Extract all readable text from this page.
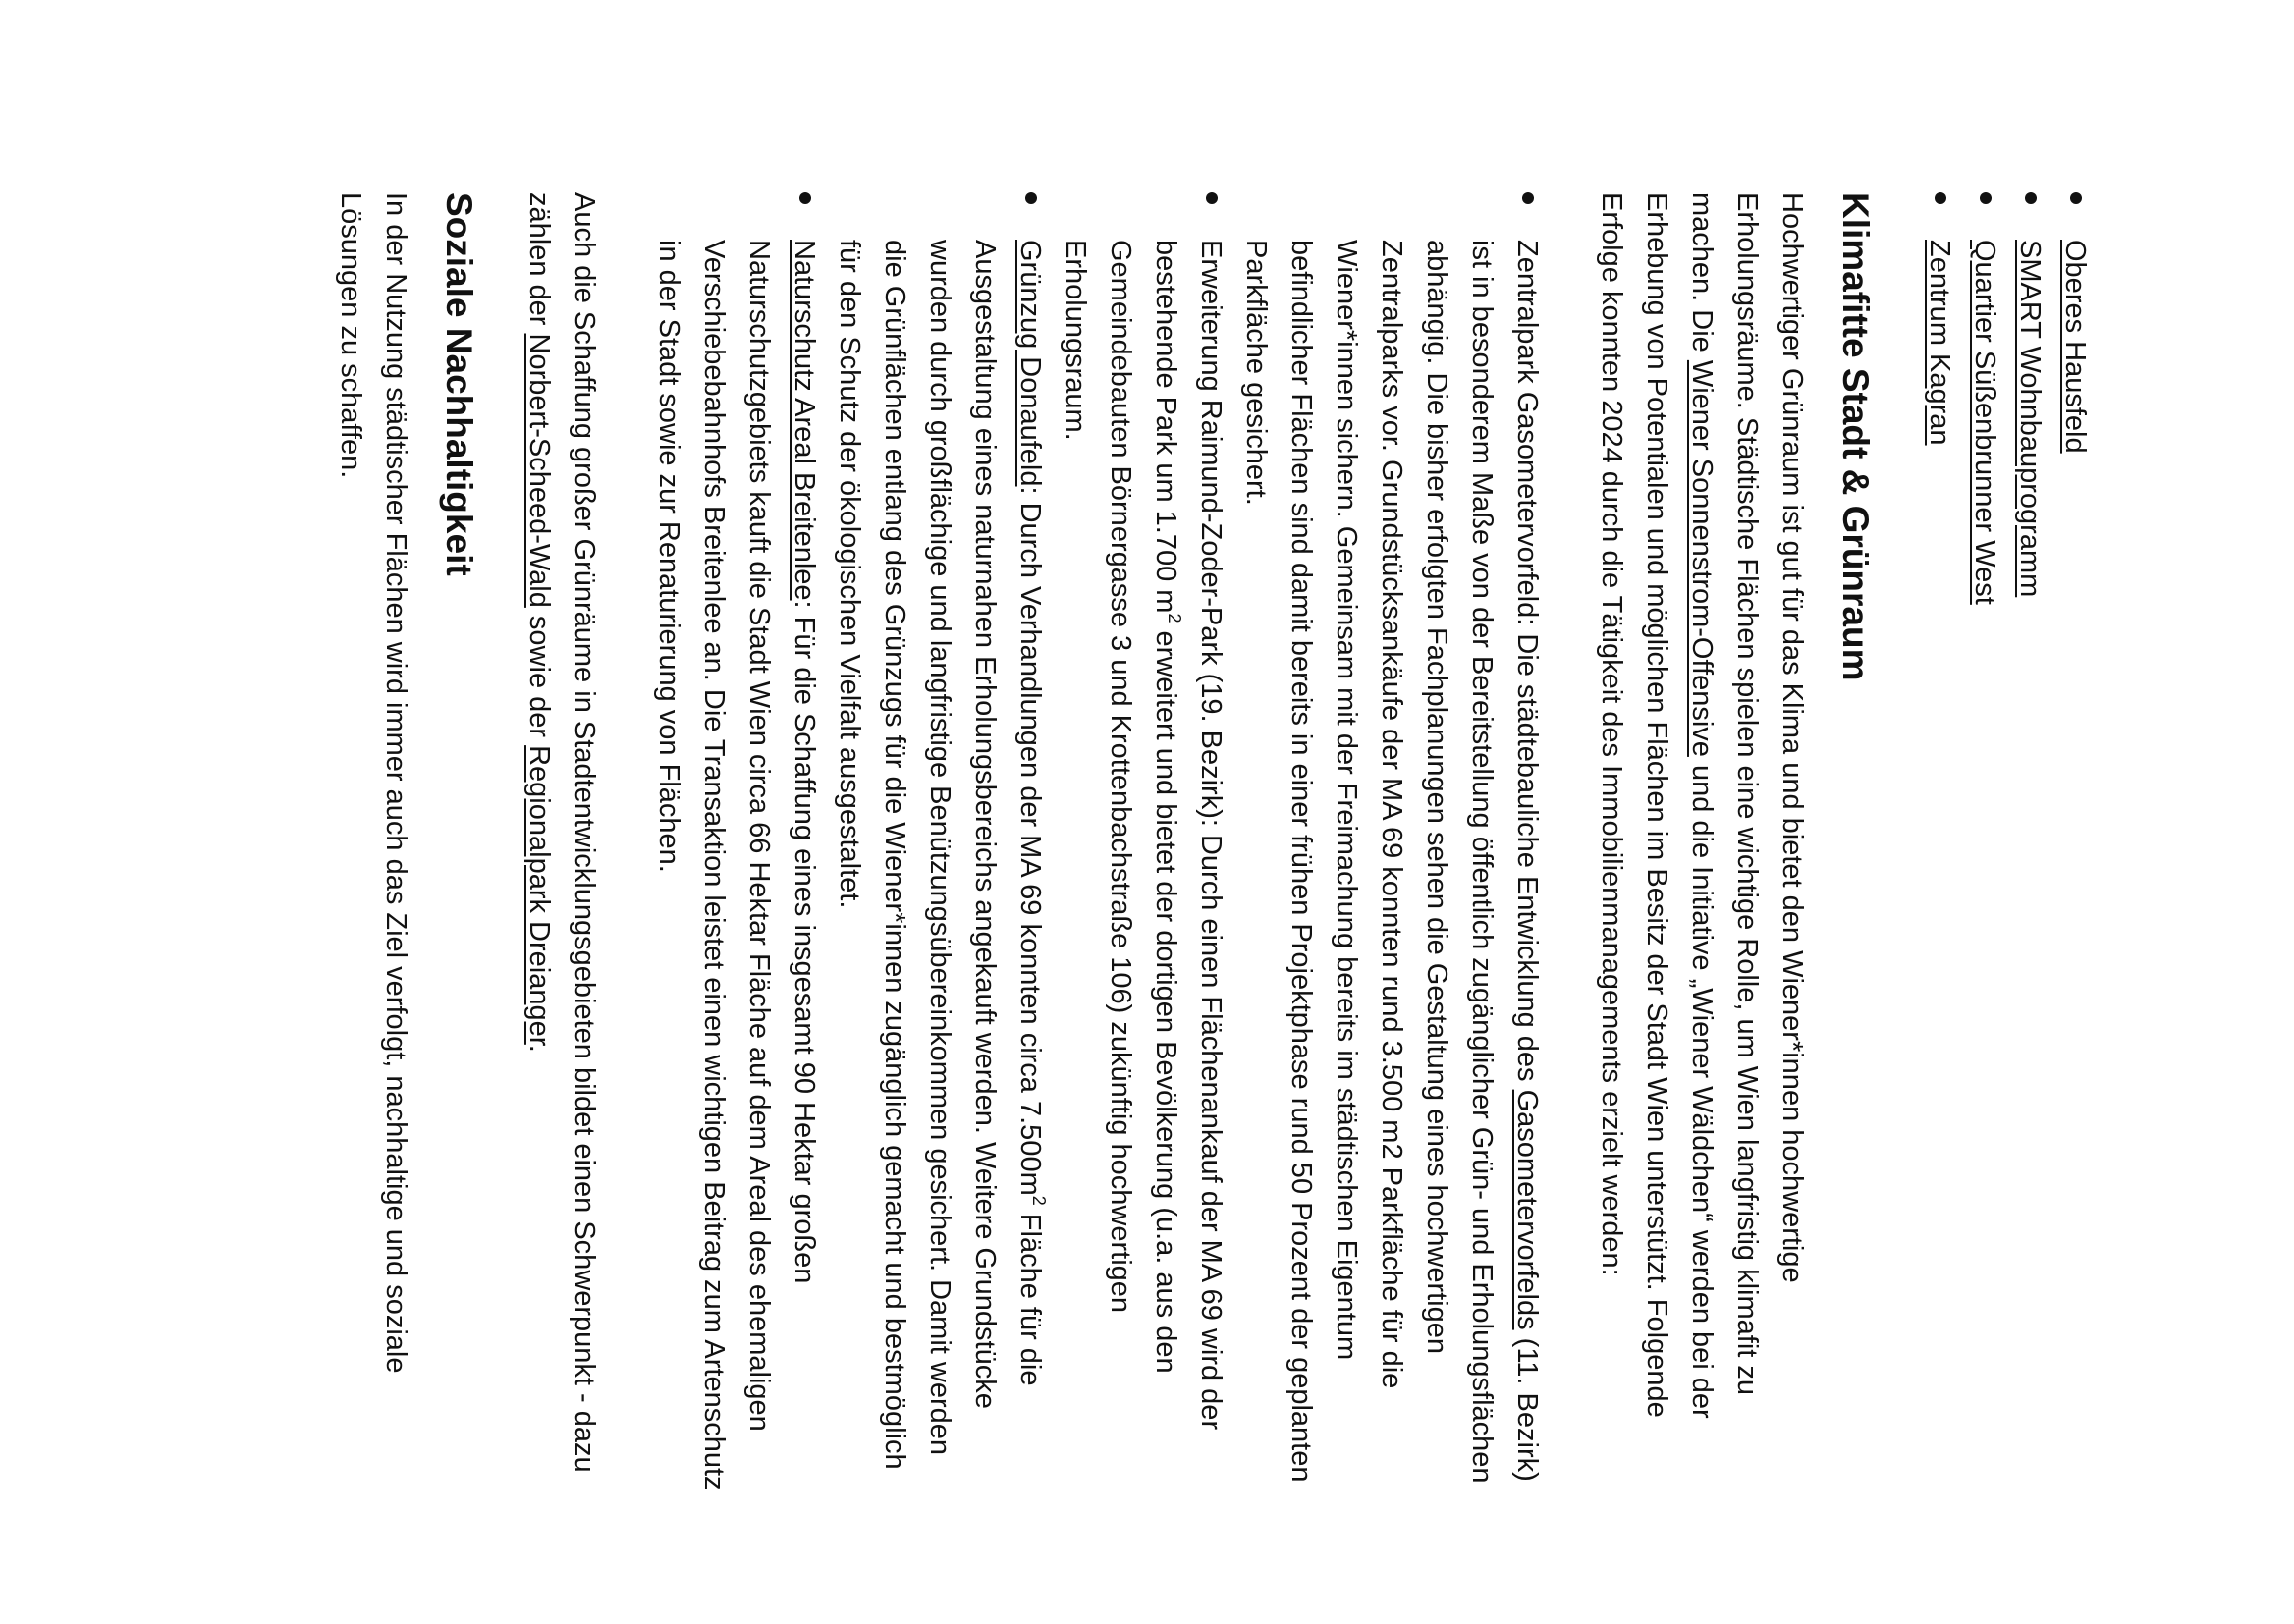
Oberes Hausfeld
SMART Wohnbauprogramm
Quartier Süßenbrunner West
Zentrum Kagran
Klimafitte Stadt & Grünraum

Hochwertiger Grünraum ist gut für das Klima und bietet den Wiener*innen hochwertige Erholungsräume. Städtische Flächen spielen eine wichtige Rolle, um Wien langfristig klimafit zu machen. Die Wiener Sonnenstrom-Offensive und die Initiative „Wiener Wäldchen“ werden bei der Erhebung von Potentialen und möglichen Flächen im Besitz der Stadt Wien unterstützt. Folgende Erfolge konnten 2024 durch die Tätigkeit des Immobilienmanagements erzielt werden:

Zentralpark Gasometervorfeld: Die städtebauliche Entwicklung des Gasometervorfelds (11. Bezirk) ist in besonderem Maße von der Bereitstellung öffentlich zugänglicher Grün- und Erholungsflächen abhängig. Die bisher erfolgten Fachplanungen sehen die Gestaltung eines hochwertigen Zentralparks vor. Grundstücksankäufe der MA 69 konnten rund 3.500 m2 Parkfläche für die Wiener*innen sichern. Gemeinsam mit der Freimachung bereits im städtischen Eigentum befindlicher Flächen sind damit bereits in einer frühen Projektphase rund 50 Prozent der geplanten Parkfläche gesichert.
Erweiterung Raimund-Zoder-Park (19. Bezirk): Durch einen Flächenankauf der MA 69 wird der bestehende Park um 1.700 $m^2$ erweitert und bietet der dortigen Bevölkerung (u.a. aus den Gemeindebauten Börnergasse 3 und Krottenbachstraße 106) zukünftig hochwertigen Erholungsraum.
Grünzug Donaufeld: Durch Verhandlungen der MA 69 konnten circa $7.500m^2$ Fläche für die Ausgestaltung eines naturnahen Erholungsbereichs angekauft werden. Weitere Grundstücke wurden durch großflächige und langfristige Benützungsübereinkommen gesichert. Damit werden die Grünflächen entlang des Grünzugs für die Wiener*innen zugänglich gemacht und bestmöglich für den Schutz der ökologischen Vielfalt ausgestaltet.
Naturschutz Areal Breitenlee: Für die Schaffung eines insgesamt 90 Hektar großen Naturschutzgebiets kauft die Stadt Wien circa 66 Hektar Fläche auf dem Areal des ehemaligen Verschiebebahnhofs Breitenlee an. Die Transaktion leistet einen wichtigen Beitrag zum Artenschutz in der Stadt sowie zur Renaturierung von Flächen.

Auch die Schaffung großer Grünräume in Stadtentwicklungsgebieten bildet einen Schwerpunkt - dazu zählen der Norbert-Scheed-Wald sowie der Regionalpark Dreianger.

Soziale Nachhaltigkeit

In der Nutzung städtischer Flächen wird immer auch das Ziel verfolgt, nachhaltige und soziale Lösungen zu schaffen.
